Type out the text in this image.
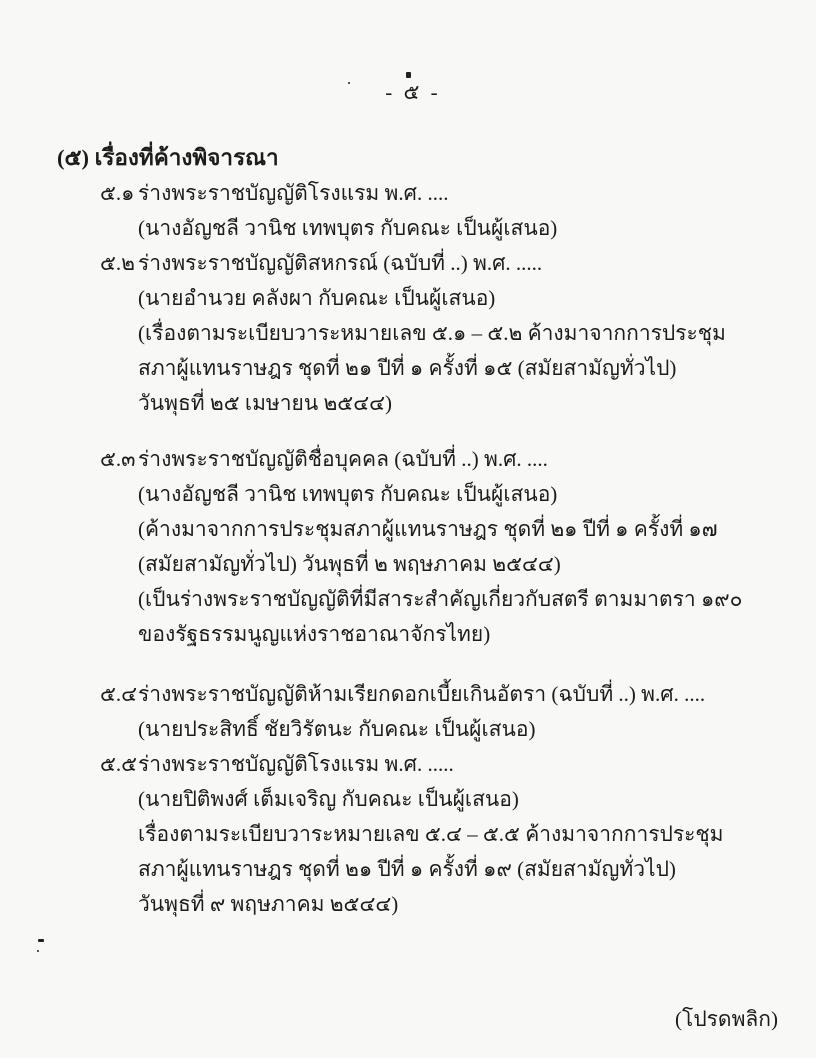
- ๕ -
(๕) เรื่องที่ค้างพิจารณา
๕.๑ ร่างพระราชบัญญัติโรงแรม พ.ศ. ....
(นางอัญชลี วานิช เทพบุตร กับคณะ เป็นผู้เสนอ)
๕.๒ ร่างพระราชบัญญัติสหกรณ์ (ฉบับที่ ..) พ.ศ. .....
(นายอำนวย คลังผา กับคณะ เป็นผู้เสนอ)
(เรื่องตามระเบียบวาระหมายเลข ๕.๑ – ๕.๒ ค้างมาจากการประชุม
สภาผู้แทนราษฎร ชุดที่ ๒๑ ปีที่ ๑ ครั้งที่ ๑๕ (สมัยสามัญทั่วไป)
วันพุธที่ ๒๕ เมษายน ๒๕๔๔)
๕.๓ ร่างพระราชบัญญัติชื่อบุคคล (ฉบับที่ ..) พ.ศ. ....
(นางอัญชลี วานิช เทพบุตร กับคณะ เป็นผู้เสนอ)
(ค้างมาจากการประชุมสภาผู้แทนราษฎร ชุดที่ ๒๑ ปีที่ ๑ ครั้งที่ ๑๗
(สมัยสามัญทั่วไป) วันพุธที่ ๒ พฤษภาคม ๒๕๔๔)
(เป็นร่างพระราชบัญญัติที่มีสาระสำคัญเกี่ยวกับสตรี ตามมาตรา ๑๙๐
ของรัฐธรรมนูญแห่งราชอาณาจักรไทย)
๕.๔ร่างพระราชบัญญัติห้ามเรียกดอกเบี้ยเกินอัตรา (ฉบับที่ ..) พ.ศ. ....
(นายประสิทธิ์ ชัยวิรัตนะ กับคณะ เป็นผู้เสนอ)
๕.๕ร่างพระราชบัญญัติโรงแรม พ.ศ. .....
(นายปิติพงศ์ เต็มเจริญ กับคณะ เป็นผู้เสนอ)
เรื่องตามระเบียบวาระหมายเลข ๕.๔ – ๕.๕ ค้างมาจากการประชุม
สภาผู้แทนราษฎร ชุดที่ ๒๑ ปีที่ ๑ ครั้งที่ ๑๙ (สมัยสามัญทั่วไป)
วันพุธที่ ๙ พฤษภาคม ๒๕๔๔)
(โปรดพลิก)
